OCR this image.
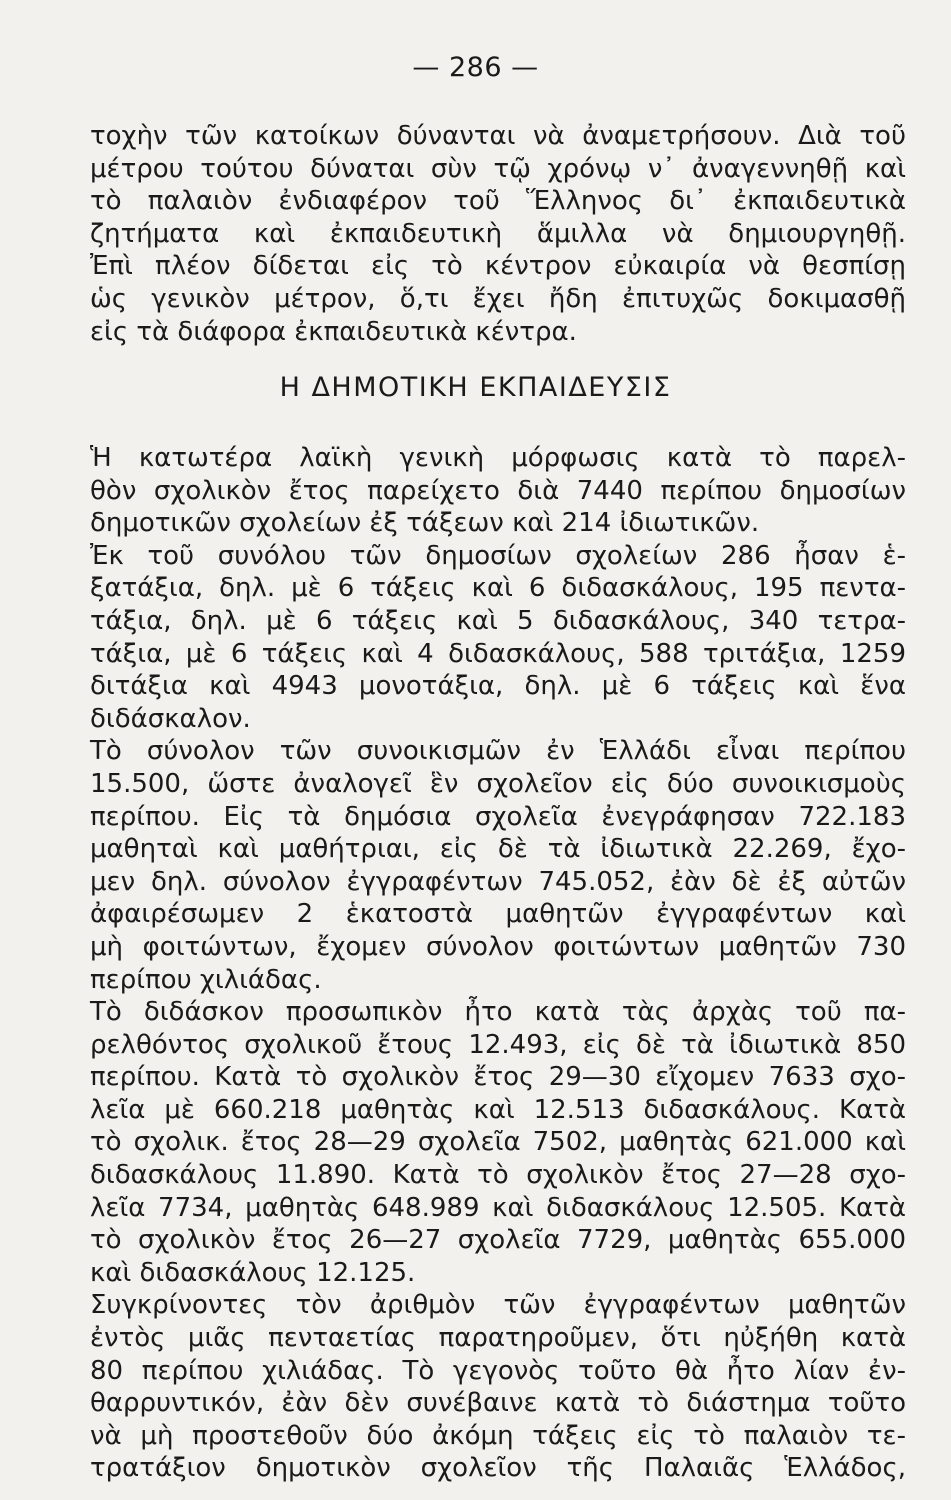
— 286 —
τοχὴν τῶν κατοίκων δύνανται νὰ ἀναμετρήσουν. Διὰ τοῦ
μέτρου τούτου δύναται σὺν τῷ χρόνῳ ν᾽ ἀναγεννηθῇ καὶ
τὸ παλαιὸν ἐνδιαφέρον τοῦ Ἕλληνος δι᾽ ἐκπαιδευτικὰ
ζητήματα καὶ ἐκπαιδευτικὴ ἅμιλλα νὰ δημιουργηθῇ.
Ἐπὶ πλέον δίδεται εἰς τὸ κέντρον εὐκαιρία νὰ θεσπίσῃ
ὡς γενικὸν μέτρον, ὅ,τι ἔχει ἤδη ἐπιτυχῶς δοκιμασθῇ
εἰς τὰ διάφορα ἐκπαιδευτικὰ κέντρα.
Η ΔΗΜΟΤΙΚΗ ΕΚΠΑΙΔΕΥΣΙΣ
Ἡ κατωτέρα λαϊκὴ γενικὴ μόρφωσις κατὰ τὸ παρελ-
θὸν σχολικὸν ἔτος παρείχετο διὰ 7440 περίπου δημοσίων
δημοτικῶν σχολείων ἐξ τάξεων καὶ 214 ἰδιωτικῶν.
Ἐκ τοῦ συνόλου τῶν δημοσίων σχολείων 286 ἦσαν ἑ-
ξατάξια, δηλ. μὲ 6 τάξεις καὶ 6 διδασκάλους, 195 πεντα-
τάξια, δηλ. μὲ 6 τάξεις καὶ 5 διδασκάλους, 340 τετρα-
τάξια, μὲ 6 τάξεις καὶ 4 διδασκάλους, 588 τριτάξια, 1259
διτάξια καὶ 4943 μονοτάξια, δηλ. μὲ 6 τάξεις καὶ ἕνα
διδάσκαλον.
Τὸ σύνολον τῶν συνοικισμῶν ἐν Ἑλλάδι εἶναι περίπου
15.500, ὥστε ἀναλογεῖ ἓν σχολεῖον εἰς δύο συνοικισμοὺς
περίπου. Εἰς τὰ δημόσια σχολεῖα ἐνεγράφησαν 722.183
μαθηταὶ καὶ μαθήτριαι, εἰς δὲ τὰ ἰδιωτικὰ 22.269, ἔχο-
μεν δηλ. σύνολον ἐγγραφέντων 745.052, ἐὰν δὲ ἐξ αὐτῶν
ἀφαιρέσωμεν 2 ἑκατοστὰ μαθητῶν ἐγγραφέντων καὶ
μὴ φοιτώντων, ἔχομεν σύνολον φοιτώντων μαθητῶν 730
περίπου χιλιάδας.
Τὸ διδάσκον προσωπικὸν ἦτο κατὰ τὰς ἀρχὰς τοῦ πα-
ρελθόντος σχολικοῦ ἔτους 12.493, εἰς δὲ τὰ ἰδιωτικὰ 850
περίπου. Κατὰ τὸ σχολικὸν ἔτος 29—30 εἴχομεν 7633 σχο-
λεῖα μὲ 660.218 μαθητὰς καὶ 12.513 διδασκάλους. Κατὰ
τὸ σχολικ. ἔτος 28—29 σχολεῖα 7502, μαθητὰς 621.000 καὶ
διδασκάλους 11.890. Κατὰ τὸ σχολικὸν ἔτος 27—28 σχο-
λεῖα 7734, μαθητὰς 648.989 καὶ διδασκάλους 12.505. Κατὰ
τὸ σχολικὸν ἔτος 26—27 σχολεῖα 7729, μαθητὰς 655.000
καὶ διδασκάλους 12.125.
Συγκρίνοντες τὸν ἀριθμὸν τῶν ἐγγραφέντων μαθητῶν
ἐντὸς μιᾶς πενταετίας παρατηροῦμεν, ὅτι ηὐξήθη κατὰ
80 περίπου χιλιάδας. Τὸ γεγονὸς τοῦτο θὰ ἦτο λίαν ἐν-
θαρρυντικόν, ἐὰν δὲν συνέβαινε κατὰ τὸ διάστημα τοῦτο
νὰ μὴ προστεθοῦν δύο ἀκόμη τάξεις εἰς τὸ παλαιὸν τε-
τρατάξιον δημοτικὸν σχολεῖον τῆς Παλαιᾶς Ἑλλάδος,
